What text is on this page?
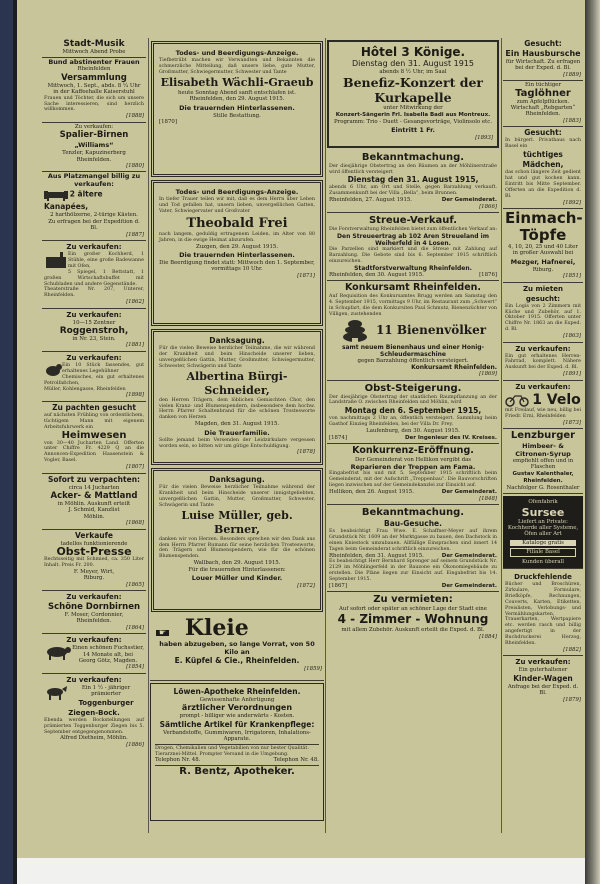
Stadt-Musik
Mittwoch Abend Probe
Bund abstinenter Frauen
Rheinfelden
Versammlung
Mittwoch, 1. Sept., abds. 8 ¼ Uhr
in der Kaffeehalle Kaiserstuhl
Frauen und Töchter, die sich um unsere Sache interessieren, sind herzlich willkommen.
[1888]
Zu verkaufen:
Spalier-Birnen
„Williams“
Tenzler, Kapuzinerberg
Rheinfelden.
[1880]
Aus Platzmangel billig zu verkaufen:
2 ältere Kanapées,
2 harthölzerne, 2-türige Kästen.
Zu erfragen bei der Expedition d. Bl.
[1887]
Zu verkaufen:
Ein großer Kochherd, 1 Stühle, eine große Badewanne mit Ofen,
5 Spiegel, 1 Bettstatt, 1 großen Wirtschaftsbuffet mit Schubladen und andere Gegenstände.
Theaterstraße Nr. 207, Unterer, Rheinfelden.
[1862]
Zu verkaufen:
10—15 Zentner
Roggenstroh,
in Nr. 23, Stein.
[1881]
Zu verkaufen:
Ein 10 Stück fassendes, gut erhaltenes Legehühner
Chemisches, ein gut erhaltenes Petrolfaßchen,
Müller, Kohlengasse, Rheinfelden
[1898]
Zu pachten gesucht
auf nächsten Frühling von ordentlichem, tüchtigem Mann mit eigenem Arbeitsfuhrwerk ein
Heimwesen
von 30—40 Jucharten Land. Offerten unter Chiffre Fr. 4229 Q an die Annoncen-Expedition Haasenstein & Vogler, Basel.
[1807]
Sofort zu verpachten:
circa 14 Jucharten
Acker- & Mattland
in Möhlin. Auskunft erteilt
J. Schmid, Kanzlist
Möhlin.
[1868]
Verkaufe
tadellos funktionierende
Obst-Presse
Rechtsseitig mit Schmied, ca. 350 Liter Inhalt. Preis Fr. 200.
F. Meyer, Wirt,
Riburg.
[1865]
Zu verkaufen:
Schöne Dornbirnen
F. Moser, Cordonnier,
Rheinfelden.
[1864]
Zu verkaufen:
Einen schönen Fuchsstier,
14 Monate alt, bei
Georg Götz, Magden.
[1854]
Zu verkaufen:
Ein 1 ½ - jähriger
prämierter
Toggenburger Ziegen-Bock.
Ebenda werden Bockstellungen auf prämierten Toggenburger Ziegen bis 5. September entgegengenommen.
Alfred Dietheim, Möhlin.
[1886]
Todes- und Beerdigungs-Anzeige.
Tiefbetrübt machen wir Verwandten und Bekannten die schmerzliche Mitteilung, daß unsere liebe, gute Mutter, Großmutter, Schwiegermutter, Schwester und Tante
Elisabeth Wächli-Graeub
heute Sonntag Abend sanft entschlafen ist.
Rheinfelden, den 29. August 1915.
Die trauernden Hinterlassenen.
Stille Bestattung.
[1870]
Todes- und Beerdigungs-Anzeige.
In tiefer Trauer teilen wir mit, daß es dem Herrn über Leben und Tod gefallen hat, unsern lieben, unvergeßlichen Gatten, Vater, Schwiegervater und Großvater
Theobald Frei
nach langem, geduldig ertragenem Leiden, im Alter von 80 Jahren, in die ewige Heimat abzurufen.
Zuzgen, den 29. August 1915.
Die trauernden Hinterlassenen.
Die Beerdigung findet statt: Mittwoch den 1. September, vormittags 10 Uhr.
[1871]
Danksagung.
Für die vielen Beweise herzlicher Teilnahme, die wir während der Krankheit und beim Hinscheide unserer lieben, unvergeßlichen Gattin, Mutter, Großmutter, Schwiegermutter, Schwester, Schwägerin und Tante
Albertina Bürgi-Schneider,
den Herren Trägern, dem löblichen Gemischten Chor, den vielen Kranz- und Blumenspendern, insbesondere dem hochw. Herrn Pfarrer Schaltenbrand für die schönen Trostesworte danken von Herzen
Magden, den 31. August 1915.
Die Trauerfamilie.
Sollte jemand beim Versenden der Leidzirkulare vergessen worden sein, so bitten wir um gütige Entschuldigung.
[1878]
Danksagung.
Für die vielen Beweise herzlicher Teilnahme während der Krankheit und beim Hinscheide unserer innigstgeliebten, unvergeßlichen Gattin, Mutter, Großmutter, Schwester, Schwägerin und Tante
Luise Müller, geb. Berner,
danken wir von Herzen. Besonders sprechen wir den Dank aus dem Herrn Pfarrer Rumann für seine herzlichen Trostesworte, den Trägern und Blumenspendern, wie für die schönen Blumenspenden.
Wallbach, den 29. August 1915.
Für die trauernden Hinterlassenen:
Louer Müller und Kinder.
[1872]
☛ Kleie
haben abzugeben, so lange Vorrat, von 50 Kilo an
E. Küpfel & Cie., Rheinfelden.
[1859]
Löwen-Apotheke Rheinfelden.
Gewissenhafte Anfertigung
ärztlicher Verordnungen
prompt - billiger wie anderwärts - Kosten.
Sämtliche Artikel für Krankenpflege:
Verbandstoffe, Gummiwaren, Irrigatoren, Inhalations-Apparate.
Drogen, Chemikalien und Vegetabilien von nur bester Qualität.
Tierarznei-Mittel. Prompter Versand in die Umgebung.
Telephon Nr. 48.	Telephon Nr. 48.
R. Bentz, Apotheker.
Hôtel 3 Könige.
Dienstag den 31. August 1915
abends 8 ½ Uhr, im Saal
Benefiz-Konzert der Kurkapelle
unter Mitwirkung der
Konzert-Sängerin Frl. Isabella Badi aus Montreux.
Programm: Trio - Duett - Gesangsvorträge, Violinsolo etc.
Eintritt 1 Fr.
[1893]
Bekanntmachung.
Der diesjährige Obstertrag an den Bäumen an der Möhlinerstraße wird öffentlich versteigert
Dienstag den 31. August 1915,
abends 6 Uhr, am Ort und Stelle, gegen Barzahlung verkauft. Zusammenkunft bei der Villa „Bella“, beim Brunnen.
Rheinfelden, 27. August 1915.	Der Gemeinderat.
[1866]
Streue-Verkauf.
Die Forstverwaltung Rheinfelden bietet zum öffentlichen Verkauf an:
Den Streueertrag ab 102 Aren Streueland im Weiherfeld in 4 Losen.
Die Parzellen sind markiert und die Streue mit Zahlung auf Barzahlung. Die Gebote sind bis 6. September 1915 schriftlich einzureichen.
Stadtforstverwaltung Rheinfelden.
Rheinfelden, den 30. August 1915.	[1876]
Konkursamt Rheinfelden.
Auf Requisition des Konkursamtes Brugg werden am Samstag den 4. September 1915, vormittags 9 Uhr, im Restaurant zum „Schwert“ in Schupfart, die dem Konkursiten Paul Schmutz, Bienenzüchter von Villigen, zustehenden
11 Bienenvölker
samt neuem Bienenhaus und einer Honig-Schleudermaschine
gegen Barzahlung öffentlich versteigert.
Konkursamt Rheinfelden.
[1869]
Obst-Steigerung.
Der diesjährige Obstertrag der staatlichen Baumpflanzung an der Landstraße O. zwischen Rheinfelden und Möhlin, wird
Montag den 6. September 1915,
von nachmittags 2 Uhr an, öffentlich versteigert. Sammlung beim Gasthof Einzieg Rheinfelden, bei der Villa Dr. Frey.
Laufenburg, den 30. August 1915.
[1874]	Der Ingenieur des IV. Kreises.
Konkurrenz-Eröffnung.
Der Gemeinderat von Hellikon vergibt das
Reparieren der Treppen am Fama.
Eingabefrist bis und mit 5. September 1915 schriftlich beim Gemeinderat, mit der Aufschrift „Treppenbau“. Die Bauvorschriften liegen inzwischen auf der Gemeindekanzlei zur Einsicht auf.
Hellikon, den 26. August 1915.	Der Gemeinderat.
[1848]
Bekanntmachung.
Bau-Gesuche.
Es beabsichtigt Frau Wwe. E. Schaffner-Meyer auf ihrem Grundstück Nr. 1609 an der Marktgasse zu bauen, den Dachstock in einen Kniestock umzubauen. Allfällige Einsprachen sind innert 14 Tagen beim Gemeinderat schriftlich einzureichen.
Rheinfelden, den 31. August 1915.	Der Gemeinderat.
Es beabsichtigt Herr Bernhard Sprenger auf seinem Grundstück Nr. 2129 im Möhlingerfeld in der Bauzone ein Ökonomiegebäude zu erstellen. Die Pläne liegen zur Einsicht auf. Eingabefrist bis 14. September 1915.
[1867]	Der Gemeinderat.
Zu vermieten:
Auf sofort oder später an schöner Lage der Stadt eine
4 - Zimmer - Wohnung
mit allem Zubehör. Auskunft erteilt die Exped. d. Bl.
[1884]
Gesucht:
Ein Hausbursche
für Wirtschaft. Zu erfragen bei der Exped. d. Bl.
[1889]
Ein tüchtiger
Taglöhner
zum Apfelpflücken.
Wirtschaft „Rebgarten“
Rheinfelden.
[1883]
Gesucht:
In bürgerl. Privathaus nach Basel ein
tüchtiges Mädchen,
das schon längere Zeit gedient hat und gut kochen kann. Eintritt bis Mitte September. Offerten an die Expedition d. Bl.
[1892]
Einmach-
Töpfe
4, 10, 20, 25 und 40 Liter
in großer Auswahl bei
Mezger, Hafnerei,
Riburg.
[1851]
Zu mieten gesucht:
Ein Logis von 2 Zimmern mit Küche und Zubehör, auf 1. Oktober 1915. Offerten unter Chiffre Nr. 1863 an die Exped. d. Bl.
[1863]
Zu verkaufen:
Ein gut erhaltenes Herren-Fahrrad, komplett. Nähere Auskunft bei der Exped. d. Bl.
[1891]
Zu verkaufen:
1 Velo
mit Freilauf, wie neu, billig bei Friedr. Erni, Rheinfelden
[1873]
Lenzburger
Himbeer- &
Citronen-Syrup
empfiehlt offen und in Flaschen
Gustav Kalenthaler, Rheinfelden.
Nachfolger G. Rosenthaler
Ofenfabrik
Sursee
Liefert an Private: Kochherde aller Systeme, Öfen aller Art
Kataloge gratis
Filiale Basel
Kunden überall
Druckfehlende
Bücher und Broschüren, Zirkulare, Formulare, Briefköpfe, Rechnungen, Couverts, Karten, Etiketten, Preislisten, Verlobungs- und Vermählungskarten, Trauerkarten, Wertpapiere etc. werden rasch und billig angefertigt in der Buchdruckerei Herzog, Rheinfelden.
[1882]
Zu verkaufen:
Ein guterhaltener
Kinder-Wagen
Anfrage bei der Exped. d. Bl.
[1879]
